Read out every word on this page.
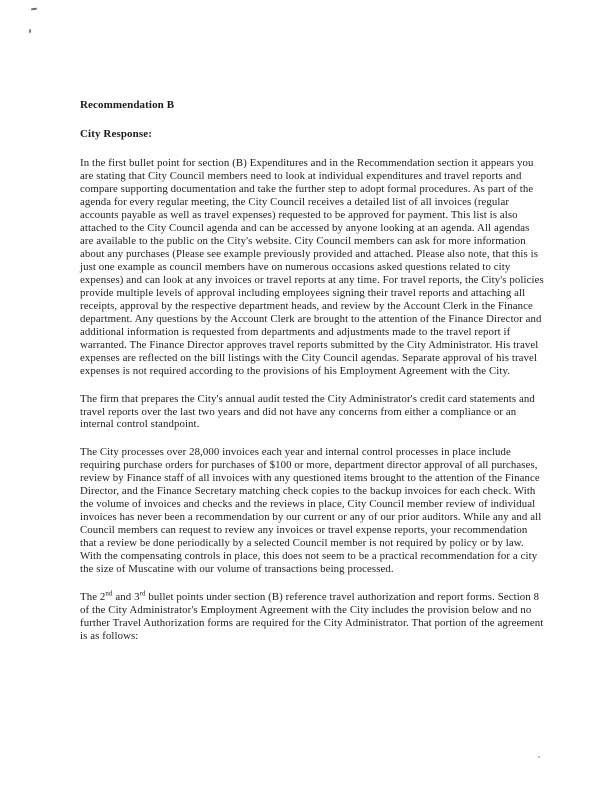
Recommendation B

City Response:

In the first bullet point for section (B) Expenditures and in the Recommendation section it appears you are stating that City Council members need to look at individual expenditures and travel reports and compare supporting documentation and take the further step to adopt formal procedures. As part of the agenda for every regular meeting, the City Council receives a detailed list of all invoices (regular accounts payable as well as travel expenses) requested to be approved for payment. This list is also attached to the City Council agenda and can be accessed by anyone looking at an agenda. All agendas are available to the public on the City's website. City Council members can ask for more information about any purchases (Please see example previously provided and attached. Please also note, that this is just one example as council members have on numerous occasions asked questions related to city expenses) and can look at any invoices or travel reports at any time. For travel reports, the City's policies provide multiple levels of approval including employees signing their travel reports and attaching all receipts, approval by the respective department heads, and review by the Account Clerk in the Finance department. Any questions by the Account Clerk are brought to the attention of the Finance Director and additional information is requested from departments and adjustments made to the travel report if warranted. The Finance Director approves travel reports submitted by the City Administrator. His travel expenses are reflected on the bill listings with the City Council agendas. Separate approval of his travel expenses is not required according to the provisions of his Employment Agreement with the City.

The firm that prepares the City's annual audit tested the City Administrator's credit card statements and travel reports over the last two years and did not have any concerns from either a compliance or an internal control standpoint.

The City processes over 28,000 invoices each year and internal control processes in place include requiring purchase orders for purchases of $100 or more, department director approval of all purchases, review by Finance staff of all invoices with any questioned items brought to the attention of the Finance Director, and the Finance Secretary matching check copies to the backup invoices for each check. With the volume of invoices and checks and the reviews in place, City Council member review of individual invoices has never been a recommendation by our current or any of our prior auditors. While any and all Council members can request to review any invoices or travel expense reports, your recommendation that a review be done periodically by a selected Council member is not required by policy or by law. With the compensating controls in place, this does not seem to be a practical recommendation for a city the size of Muscatine with our volume of transactions being processed.

The 2nd and 3rd bullet points under section (B) reference travel authorization and report forms. Section 8 of the City Administrator's Employment Agreement with the City includes the provision below and no further Travel Authorization forms are required for the City Administrator. That portion of the agreement is as follows:
